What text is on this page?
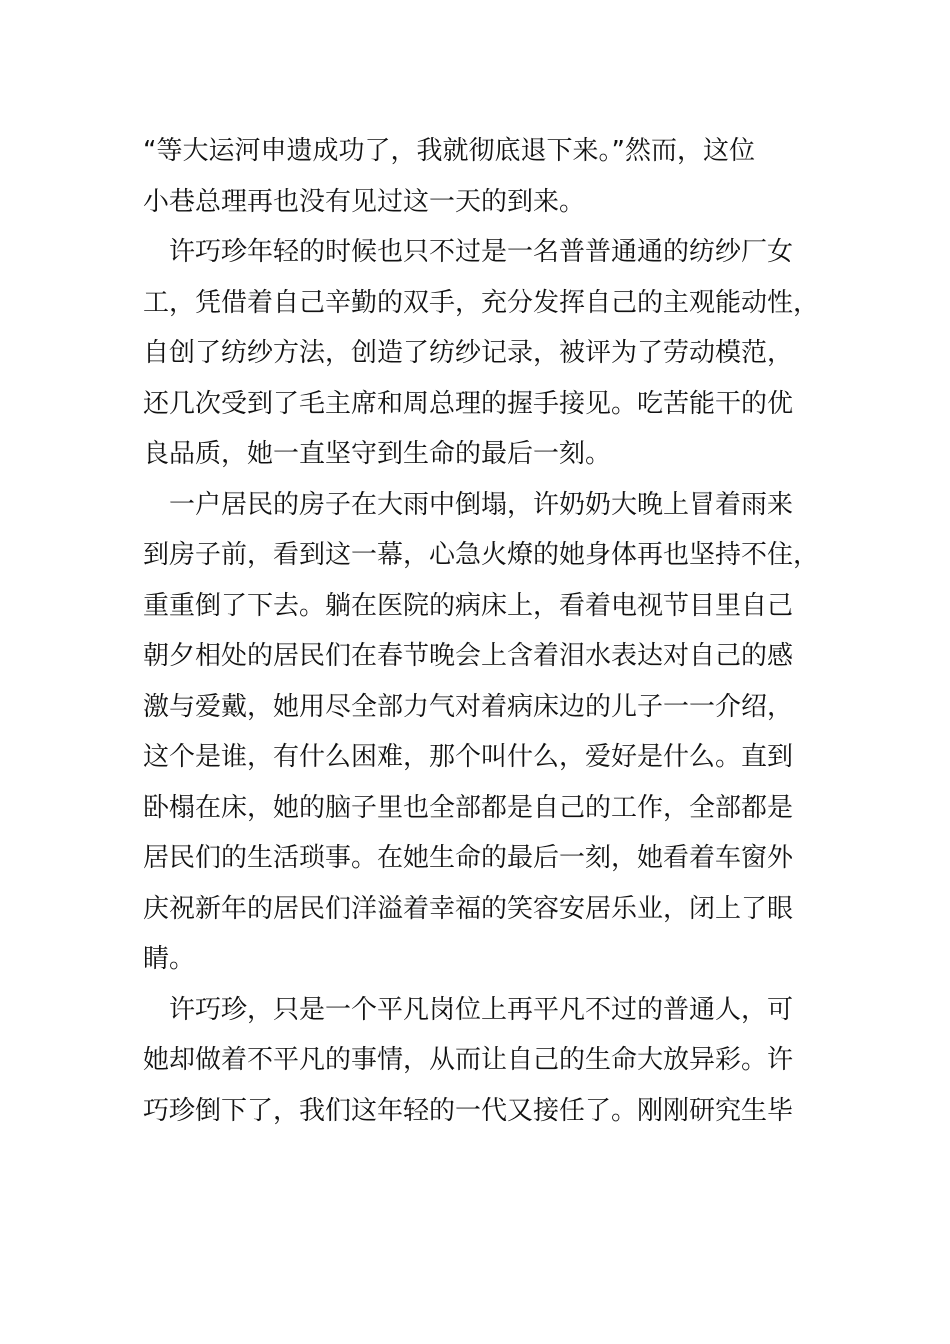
“等大运河申遗成功了，我就彻底退下来。”然而，这位
小巷总理再也没有见过这一天的到来。

　许巧珍年轻的时候也只不过是一名普普通通的纺纱厂女
工，凭借着自己辛勤的双手，充分发挥自己的主观能动性，
自创了纺纱方法，创造了纺纱记录，被评为了劳动模范，
还几次受到了毛主席和周总理的握手接见。吃苦能干的优
良品质，她一直坚守到生命的最后一刻。

　一户居民的房子在大雨中倒塌，许奶奶大晚上冒着雨来
到房子前，看到这一幕，心急火燎的她身体再也坚持不住，
重重倒了下去。躺在医院的病床上，看着电视节目里自己
朝夕相处的居民们在春节晚会上含着泪水表达对自己的感
激与爱戴，她用尽全部力气对着病床边的儿子一一介绍，
这个是谁，有什么困难，那个叫什么，爱好是什么。直到
卧榻在床，她的脑子里也全部都是自己的工作，全部都是
居民们的生活琐事。在她生命的最后一刻，她看着车窗外
庆祝新年的居民们洋溢着幸福的笑容安居乐业，闭上了眼
睛。

　许巧珍，只是一个平凡岗位上再平凡不过的普通人，可
她却做着不平凡的事情，从而让自己的生命大放异彩。许
巧珍倒下了，我们这年轻的一代又接任了。刚刚研究生毕
